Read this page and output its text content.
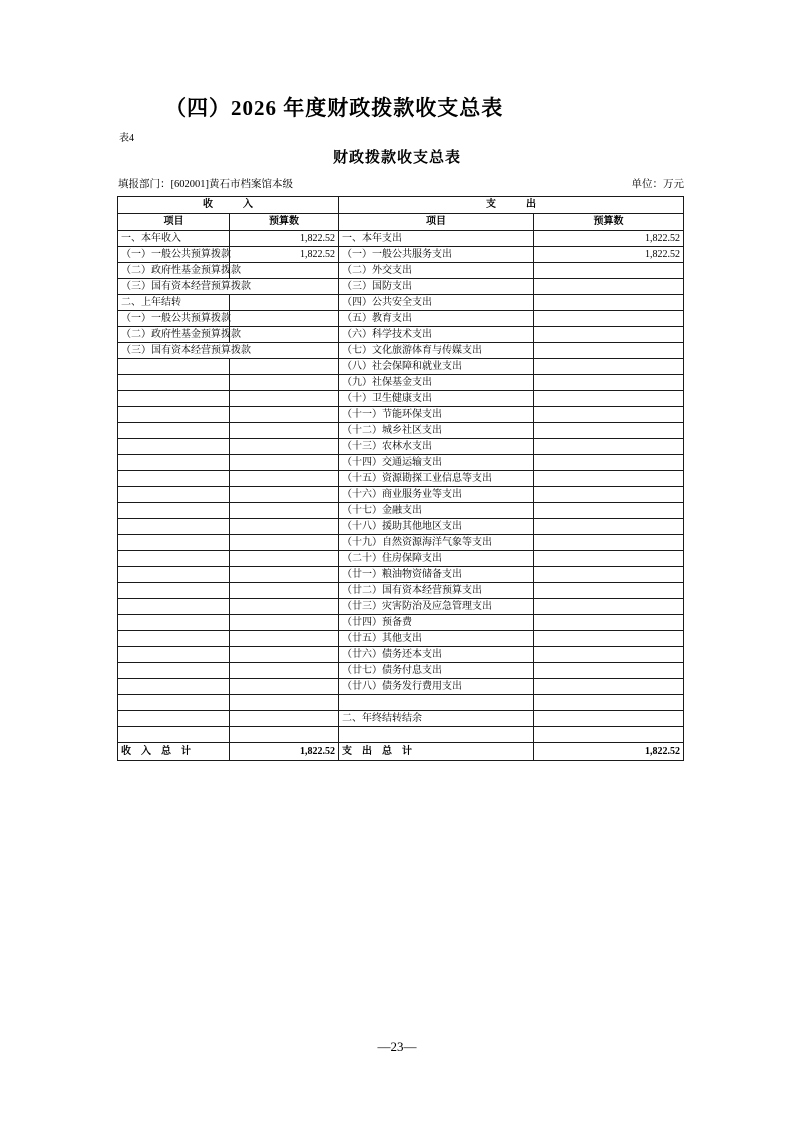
（四）2026 年度财政拨款收支总表
表4
财政拨款收支总表
填报部门：[602001]黄石市档案馆本级	单位：万元
收　　　入		支　　　出	
项目	预算数	项目	预算数
一、本年收入	1,822.52	一、本年支出	1,822.52
（一）一般公共预算拨款	1,822.52	（一）一般公共服务支出	1,822.52
（二）政府性基金预算拨款		（二）外交支出	
（三）国有资本经营预算拨款		（三）国防支出	
二、上年结转		（四）公共安全支出	
（一）一般公共预算拨款		（五）教育支出	
（二）政府性基金预算拨款		（六）科学技术支出	
（三）国有资本经营预算拨款		（七）文化旅游体育与传媒支出	
		（八）社会保障和就业支出	
		（九）社保基金支出	
		（十）卫生健康支出	
		（十一）节能环保支出	
		（十二）城乡社区支出	
		（十三）农林水支出	
		（十四）交通运输支出	
		（十五）资源勘探工业信息等支出	
		（十六）商业服务业等支出	
		（十七）金融支出	
		（十八）援助其他地区支出	
		（十九）自然资源海洋气象等支出	
		（二十）住房保障支出	
		（廿一）粮油物资储备支出	
		（廿二）国有资本经营预算支出	
		（廿三）灾害防治及应急管理支出	
		（廿四）预备费	
		（廿五）其他支出	
		（廿六）债务还本支出	
		（廿七）债务付息支出	
		（廿八）债务发行费用支出	

		二、年终结转结余	

收　入　总　计	1,822.52	支　出　总　计	1,822.52
—23—
